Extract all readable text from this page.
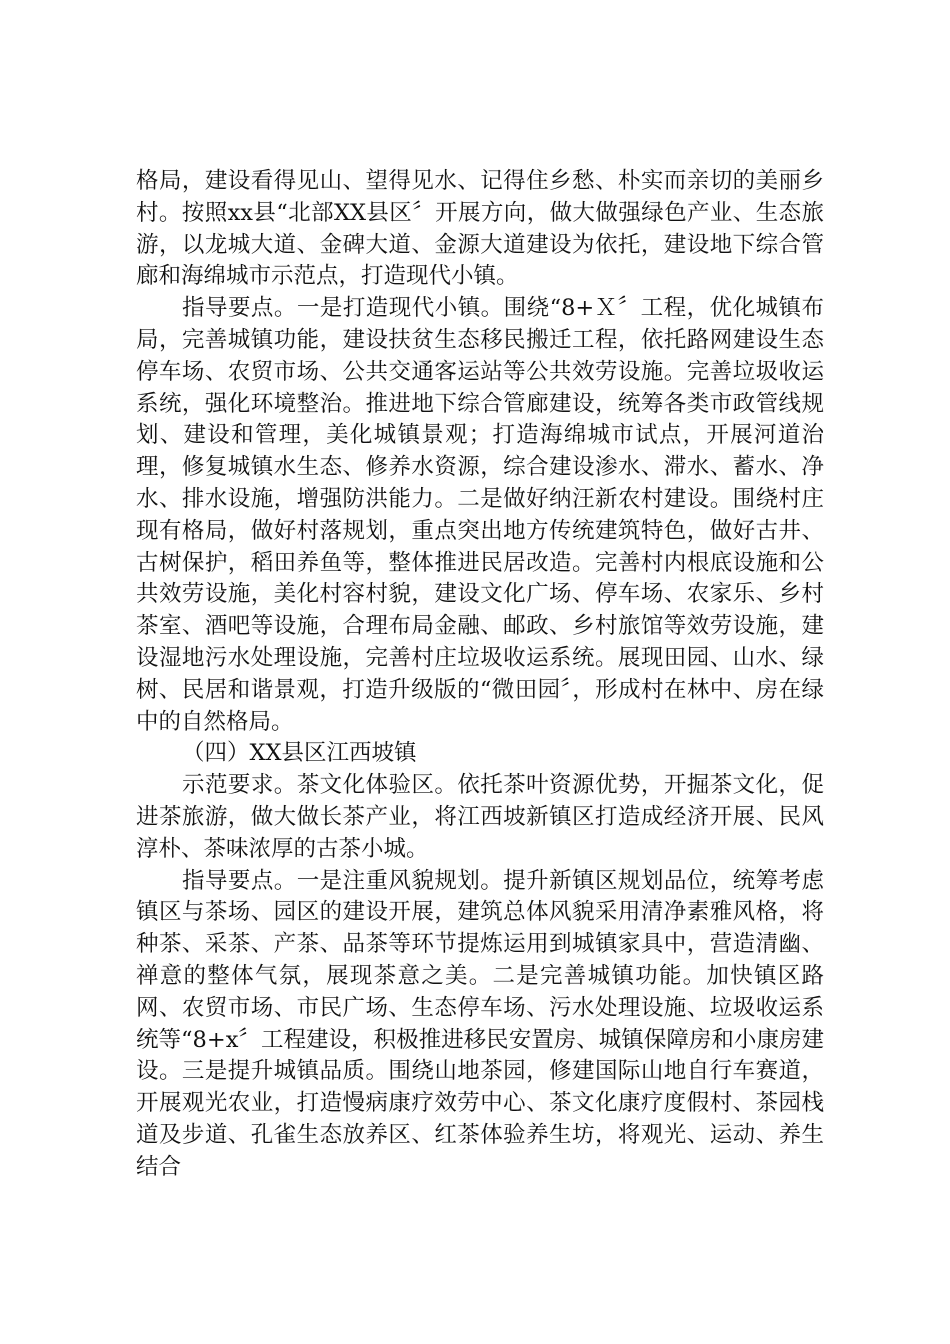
格局，建设看得见山、望得见水、记得住乡愁、朴实而亲切的美丽乡村。按照xx县“北部XX县区〞开展方向，做大做强绿色产业、生态旅游，以龙城大道、金碑大道、金源大道建设为依托，建设地下综合管廊和海绵城市示范点，打造现代小镇。

指导要点。一是打造现代小镇。围绕“8+Ｘ〞工程，优化城镇布局，完善城镇功能，建设扶贫生态移民搬迁工程，依托路网建设生态停车场、农贸市场、公共交通客运站等公共效劳设施。完善垃圾收运系统，强化环境整治。推进地下综合管廊建设，统筹各类市政管线规划、建设和管理，美化城镇景观；打造海绵城市试点，开展河道治理，修复城镇水生态、修养水资源，综合建设渗水、滞水、蓄水、净水、排水设施，增强防洪能力。二是做好纳汪新农村建设。围绕村庄现有格局，做好村落规划，重点突出地方传统建筑特色，做好古井、古树保护，稻田养鱼等，整体推进民居改造。完善村内根底设施和公共效劳设施，美化村容村貌，建设文化广场、停车场、农家乐、乡村茶室、酒吧等设施，合理布局金融、邮政、乡村旅馆等效劳设施，建设湿地污水处理设施，完善村庄垃圾收运系统。展现田园、山水、绿树、民居和谐景观，打造升级版的“微田园〞，形成村在林中、房在绿中的自然格局。

（四）XX县区江西坡镇

示范要求。茶文化体验区。依托茶叶资源优势，开掘茶文化，促进茶旅游，做大做长茶产业，将江西坡新镇区打造成经济开展、民风淳朴、茶味浓厚的古茶小城。

指导要点。一是注重风貌规划。提升新镇区规划品位，统筹考虑镇区与茶场、园区的建设开展，建筑总体风貌采用清净素雅风格，将种茶、采茶、产茶、品茶等环节提炼运用到城镇家具中，营造清幽、禅意的整体气氛，展现茶意之美。二是完善城镇功能。加快镇区路网、农贸市场、市民广场、生态停车场、污水处理设施、垃圾收运系统等“8+x〞工程建设，积极推进移民安置房、城镇保障房和小康房建设。三是提升城镇品质。围绕山地茶园，修建国际山地自行车赛道，开展观光农业，打造慢病康疗效劳中心、茶文化康疗度假村、茶园栈道及步道、孔雀生态放养区、红茶体验养生坊，将观光、运动、养生结合
